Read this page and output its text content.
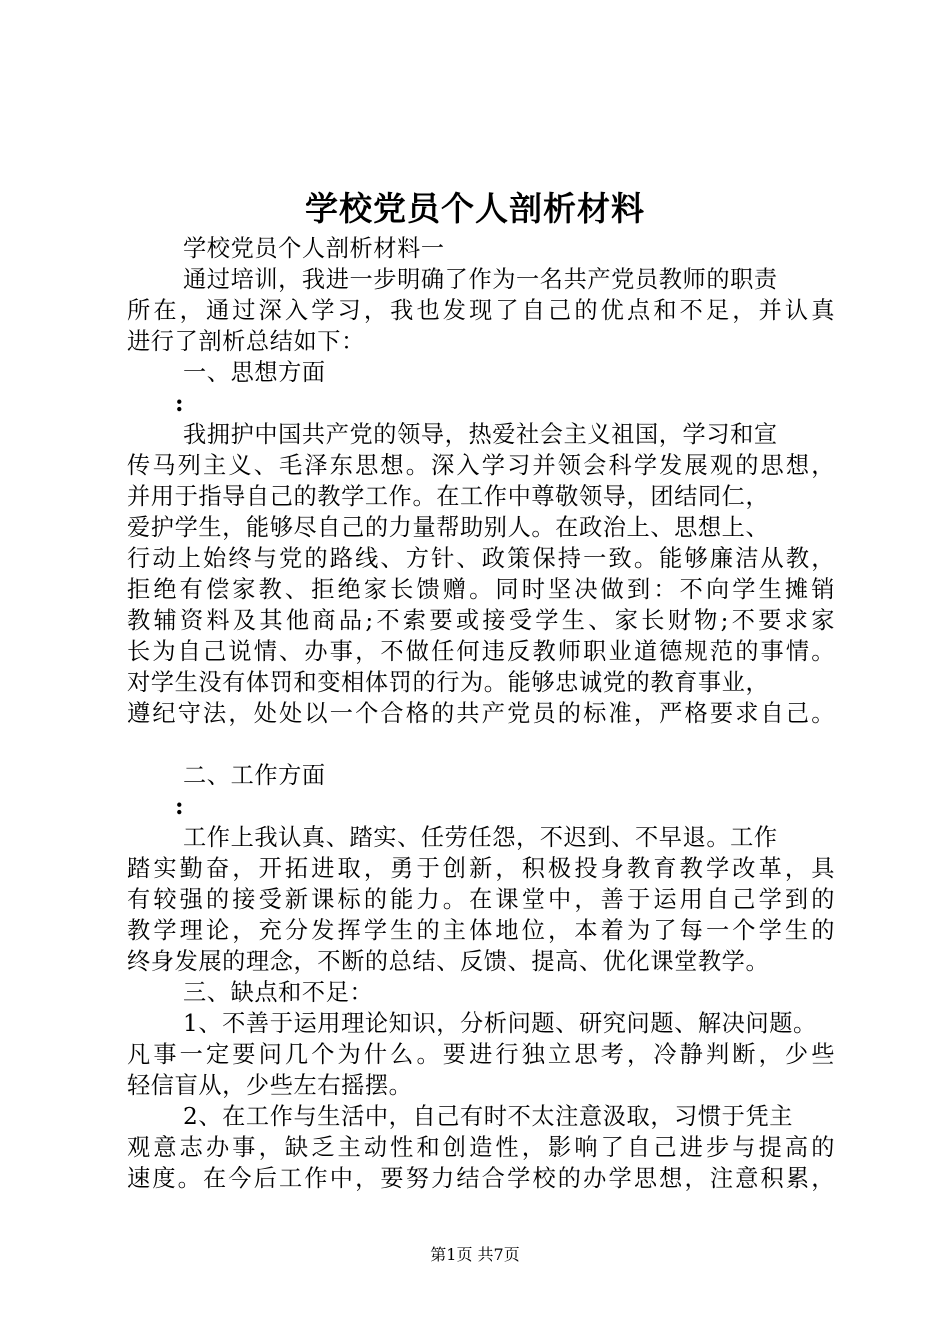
学校党员个人剖析材料
学校党员个人剖析材料一
通过培训，我进一步明确了作为一名共产党员教师的职责
所在，通过深入学习，我也发现了自己的优点和不足，并认真
进行了剖析总结如下：
一、思想方面
:
我拥护中国共产党的领导，热爱社会主义祖国，学习和宣
传马列主义、毛泽东思想。深入学习并领会科学发展观的思想，
并用于指导自己的教学工作。在工作中尊敬领导，团结同仁，
爱护学生，能够尽自己的力量帮助别人。在政治上、思想上、
行动上始终与党的路线、方针、政策保持一致。能够廉洁从教，
拒绝有偿家教、拒绝家长馈赠。同时坚决做到：不向学生摊销
教辅资料及其他商品;不索要或接受学生、家长财物;不要求家
长为自己说情、办事，不做任何违反教师职业道德规范的事情。
对学生没有体罚和变相体罚的行为。能够忠诚党的教育事业，
遵纪守法，处处以一个合格的共产党员的标准，严格要求自己。
二、工作方面
:
工作上我认真、踏实、任劳任怨，不迟到、不早退。工作
踏实勤奋，开拓进取，勇于创新，积极投身教育教学改革，具
有较强的接受新课标的能力。在课堂中，善于运用自己学到的
教学理论，充分发挥学生的主体地位，本着为了每一个学生的
终身发展的理念，不断的总结、反馈、提高、优化课堂教学。
三、缺点和不足：
1、不善于运用理论知识，分析问题、研究问题、解决问题。
凡事一定要问几个为什么。要进行独立思考，冷静判断，少些
轻信盲从，少些左右摇摆。
2、在工作与生活中，自己有时不太注意汲取，习惯于凭主
观意志办事，缺乏主动性和创造性，影响了自己进步与提高的
速度。在今后工作中，要努力结合学校的办学思想，注意积累，
第1页 共7页
